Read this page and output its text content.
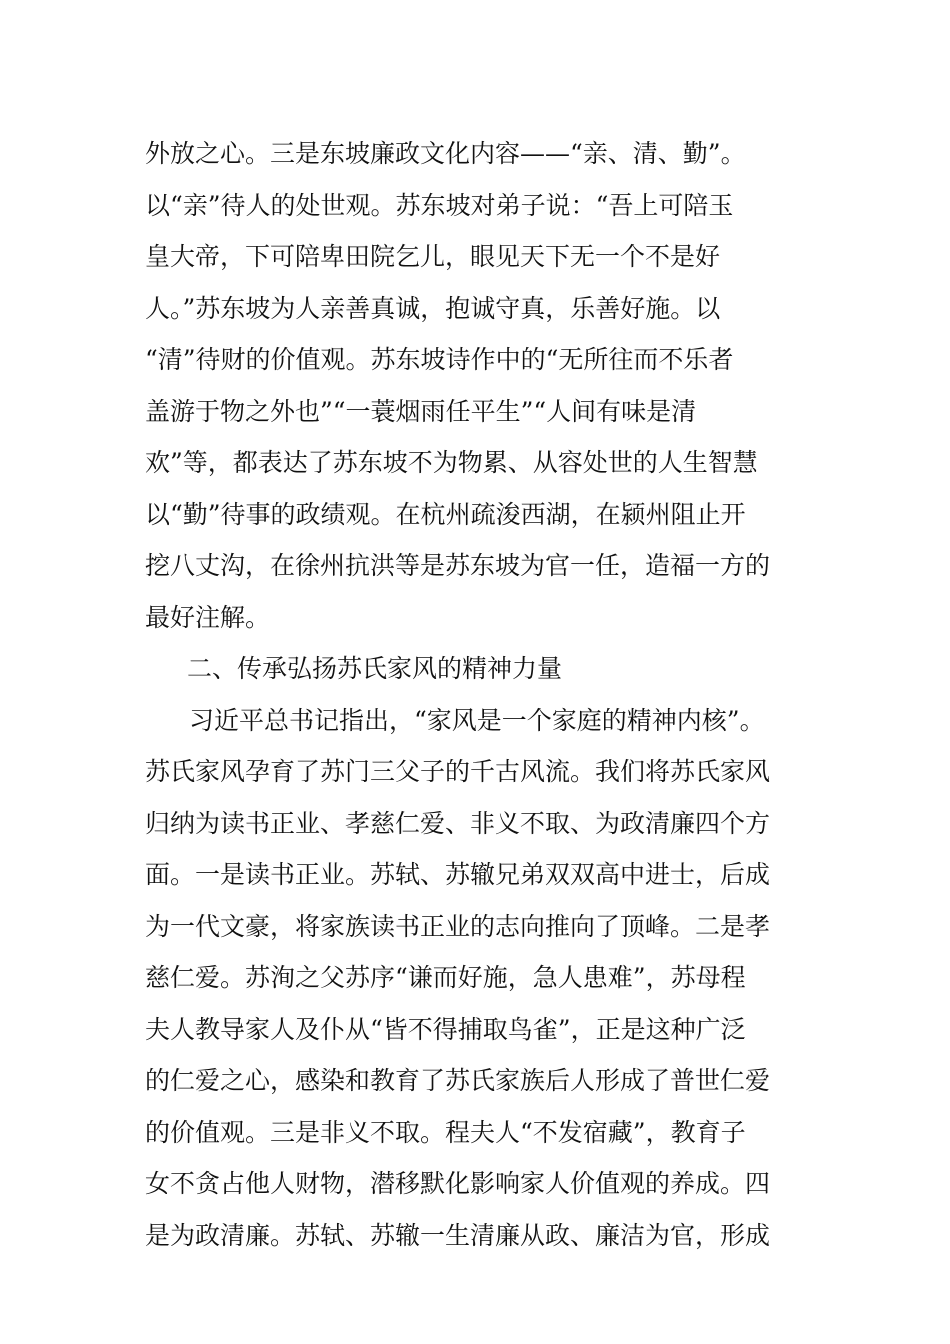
外放之心。三是东坡廉政文化内容——“亲、清、勤”。
以“亲”待人的处世观。苏东坡对弟子说：“吾上可陪玉
皇大帝，下可陪卑田院乞儿，眼见天下无一个不是好
人。”苏东坡为人亲善真诚，抱诚守真，乐善好施。以
“清”待财的价值观。苏东坡诗作中的“无所往而不乐者
盖游于物之外也”“一蓑烟雨任平生”“人间有味是清
欢”等，都表达了苏东坡不为物累、从容处世的人生智慧
以“勤”待事的政绩观。在杭州疏浚西湖，在颍州阻止开
挖八丈沟，在徐州抗洪等是苏东坡为官一任，造福一方的
最好注解。
二、传承弘扬苏氏家风的精神力量
习近平总书记指出，“家风是一个家庭的精神内核”。
苏氏家风孕育了苏门三父子的千古风流。我们将苏氏家风
归纳为读书正业、孝慈仁爱、非义不取、为政清廉四个方
面。一是读书正业。苏轼、苏辙兄弟双双高中进士，后成
为一代文豪，将家族读书正业的志向推向了顶峰。二是孝
慈仁爱。苏洵之父苏序“谦而好施，急人患难”，苏母程
夫人教导家人及仆从“皆不得捕取鸟雀”，正是这种广泛
的仁爱之心，感染和教育了苏氏家族后人形成了普世仁爱
的价值观。三是非义不取。程夫人“不发宿藏”，教育子
女不贪占他人财物，潜移默化影响家人价值观的养成。四
是为政清廉。苏轼、苏辙一生清廉从政、廉洁为官，形成
